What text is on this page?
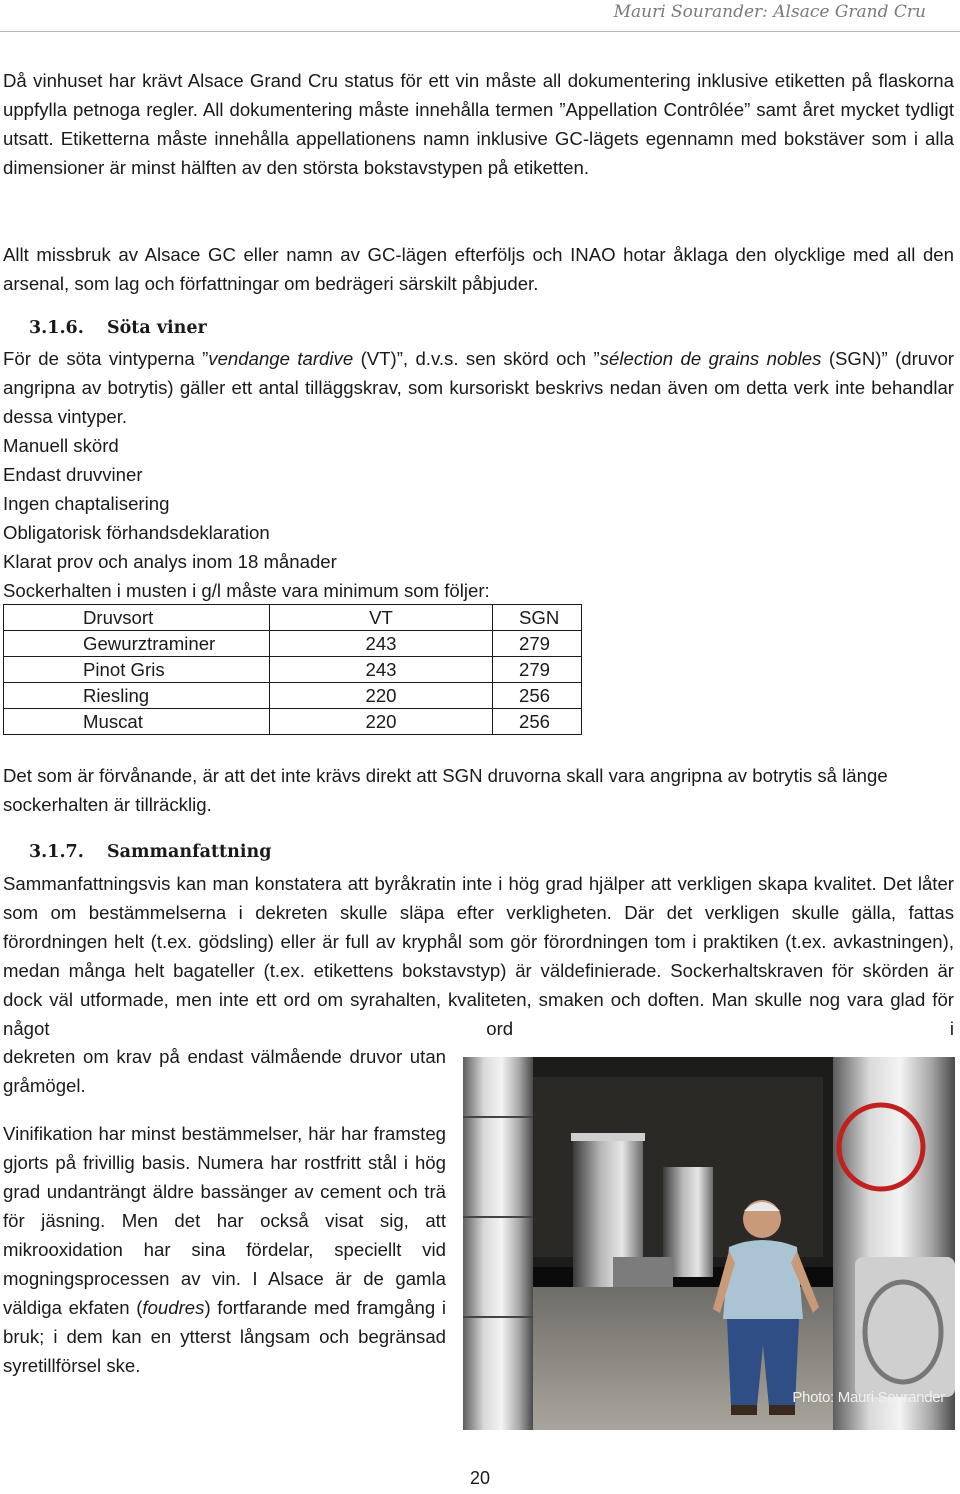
Mauri Sourander: Alsace Grand Cru
Då vinhuset har krävt Alsace Grand Cru status för ett vin måste all dokumentering inklusive etiketten på flaskorna uppfylla petnoga regler. All dokumentering måste innehålla termen ”Appellation Contrôlée” samt året mycket tydligt utsatt. Etiketterna måste innehålla appellationens namn inklusive GC-lägets egennamn med bokstäver som i alla dimensioner är minst hälften av den största bokstavstypen på etiketten.
Allt missbruk av Alsace GC eller namn av GC-lägen efterföljs och INAO hotar åklaga den olycklige med all den arsenal, som lag och författningar om bedrägeri särskilt påbjuder.
3.1.6. Söta viner
För de söta vintyperna ”vendange tardive (VT)”, d.v.s. sen skörd och ”sélection de grains nobles (SGN)” (druvor angripna av botrytis) gäller ett antal tilläggskrav, som kursoriskt beskrivs nedan även om detta verk inte behandlar dessa vintyper.
Manuell skörd
Endast druvviner
Ingen chaptalisering
Obligatorisk förhandsdeklaration
Klarat prov och analys inom 18 månader
Sockerhalten i musten i g/l måste vara minimum som följer:
Druvsort	VT	SGN
Gewurztraminer	243	279
Pinot Gris	243	279
Riesling	220	256
Muscat	220	256
Det som är förvånande, är att det inte krävs direkt att SGN druvorna skall vara angripna av botrytis så länge sockerhalten är tillräcklig.
3.1.7. Sammanfattning
Sammanfattningsvis kan man konstatera att byråkratin inte i hög grad hjälper att verkligen skapa kvalitet. Det låter som om bestämmelserna i dekreten skulle släpa efter verkligheten. Där det verkligen skulle gälla, fattas förordningen helt (t.ex. gödsling) eller är full av kryphål som gör förordningen tom i praktiken (t.ex. avkastningen), medan många helt bagateller (t.ex. etikettens bokstavstyp) är väldefinierade. Sockerhaltskraven för skörden är dock väl utformade, men inte ett ord om syrahalten, kvaliteten, smaken och doften. Man skulle nog vara glad för något ord i
dekreten om krav på endast välmående druvor utan gråmögel.
Vinifikation har minst bestämmelser, här har framsteg gjorts på frivillig basis. Numera har rostfritt stål i hög grad undanträngt äldre bassänger av cement och trä för jäsning. Men det har också visat sig, att mikrooxidation har sina fördelar, speciellt vid mogningsprocessen av vin. I Alsace är de gamla väldiga ekfaten (foudres) fortfarande med framgång i bruk; i dem kan en ytterst långsam och begränsad syretillförsel ske.
Photo: Mauri Sourander
20
